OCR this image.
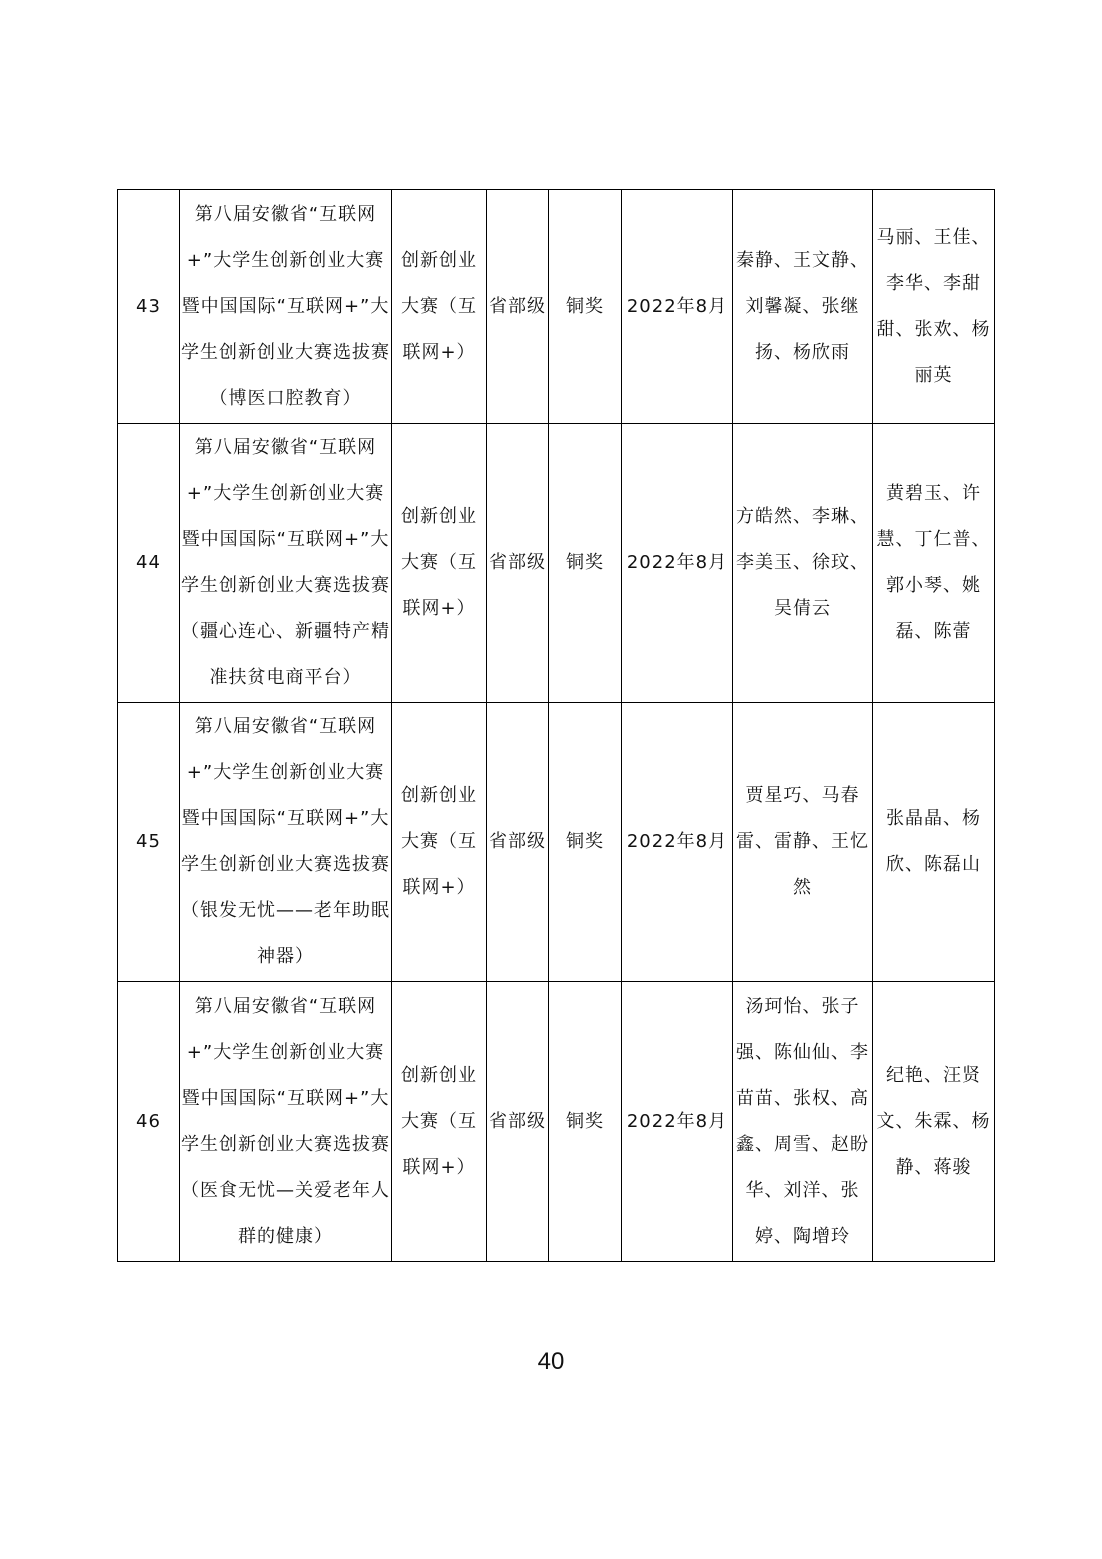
43	第八届安徽省“互联网+”大学生创新创业大赛暨中国国际“互联网+”大学生创新创业大赛选拔赛（博医口腔教育）	创新创业大赛（互联网+）	省部级	铜奖	2022年8月	秦静、王文静、刘馨凝、张继扬、杨欣雨	马丽、王佳、李华、李甜甜、张欢、杨丽英
44	第八届安徽省“互联网+”大学生创新创业大赛暨中国国际“互联网+”大学生创新创业大赛选拔赛（疆心连心、新疆特产精准扶贫电商平台）	创新创业大赛（互联网+）	省部级	铜奖	2022年8月	方皓然、李琳、李美玉、徐玟、吴倩云	黄碧玉、许慧、丁仁普、郭小琴、姚磊、陈蕾
45	第八届安徽省“互联网+”大学生创新创业大赛暨中国国际“互联网+”大学生创新创业大赛选拔赛（银发无忧——老年助眠神器）	创新创业大赛（互联网+）	省部级	铜奖	2022年8月	贾星巧、马春雷、雷静、王忆然	张晶晶、杨欣、陈磊山
46	第八届安徽省“互联网+”大学生创新创业大赛暨中国国际“互联网+”大学生创新创业大赛选拔赛（医食无忧—关爱老年人群的健康）	创新创业大赛（互联网+）	省部级	铜奖	2022年8月	汤珂怡、张子强、陈仙仙、李苗苗、张权、高鑫、周雪、赵盼华、刘洋、张婷、陶增玲	纪艳、汪贤文、朱霖、杨静、蒋骏
40
